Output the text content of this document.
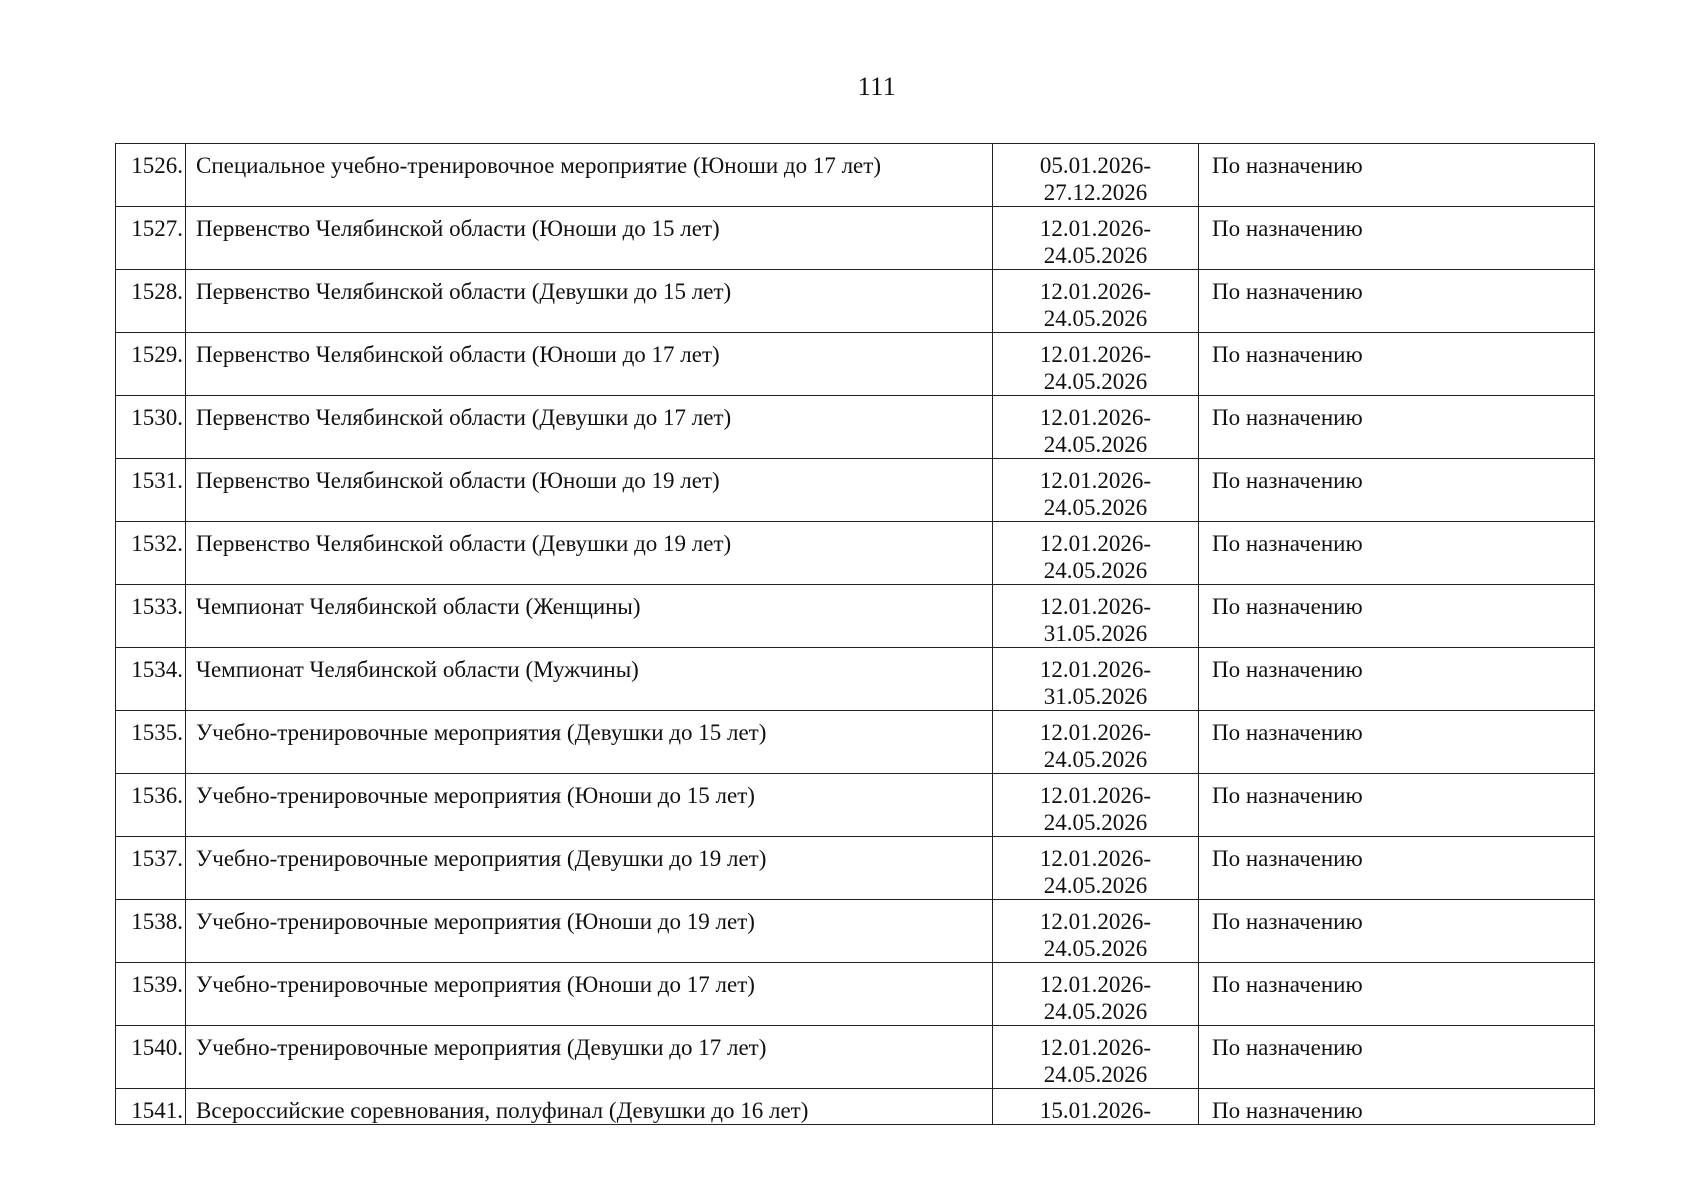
111
1526.	Специальное учебно-тренировочное мероприятие (Юноши до 17 лет)	05.01.2026-
27.12.2026	По назначению
1527.	Первенство Челябинской области (Юноши до 15 лет)	12.01.2026-
24.05.2026	По назначению
1528.	Первенство Челябинской области (Девушки до 15 лет)	12.01.2026-
24.05.2026	По назначению
1529.	Первенство Челябинской области (Юноши до 17 лет)	12.01.2026-
24.05.2026	По назначению
1530.	Первенство Челябинской области (Девушки до 17 лет)	12.01.2026-
24.05.2026	По назначению
1531.	Первенство Челябинской области (Юноши до 19 лет)	12.01.2026-
24.05.2026	По назначению
1532.	Первенство Челябинской области (Девушки до 19 лет)	12.01.2026-
24.05.2026	По назначению
1533.	Чемпионат Челябинской области (Женщины)	12.01.2026-
31.05.2026	По назначению
1534.	Чемпионат Челябинской области (Мужчины)	12.01.2026-
31.05.2026	По назначению
1535.	Учебно-тренировочные мероприятия (Девушки до 15 лет)	12.01.2026-
24.05.2026	По назначению
1536.	Учебно-тренировочные мероприятия (Юноши до 15 лет)	12.01.2026-
24.05.2026	По назначению
1537.	Учебно-тренировочные мероприятия (Девушки до 19 лет)	12.01.2026-
24.05.2026	По назначению
1538.	Учебно-тренировочные мероприятия (Юноши до 19 лет)	12.01.2026-
24.05.2026	По назначению
1539.	Учебно-тренировочные мероприятия (Юноши до 17 лет)	12.01.2026-
24.05.2026	По назначению
1540.	Учебно-тренировочные мероприятия (Девушки до 17 лет)	12.01.2026-
24.05.2026	По назначению
1541.	Всероссийские соревнования, полуфинал (Девушки до 16 лет)	15.01.2026-	По назначению
